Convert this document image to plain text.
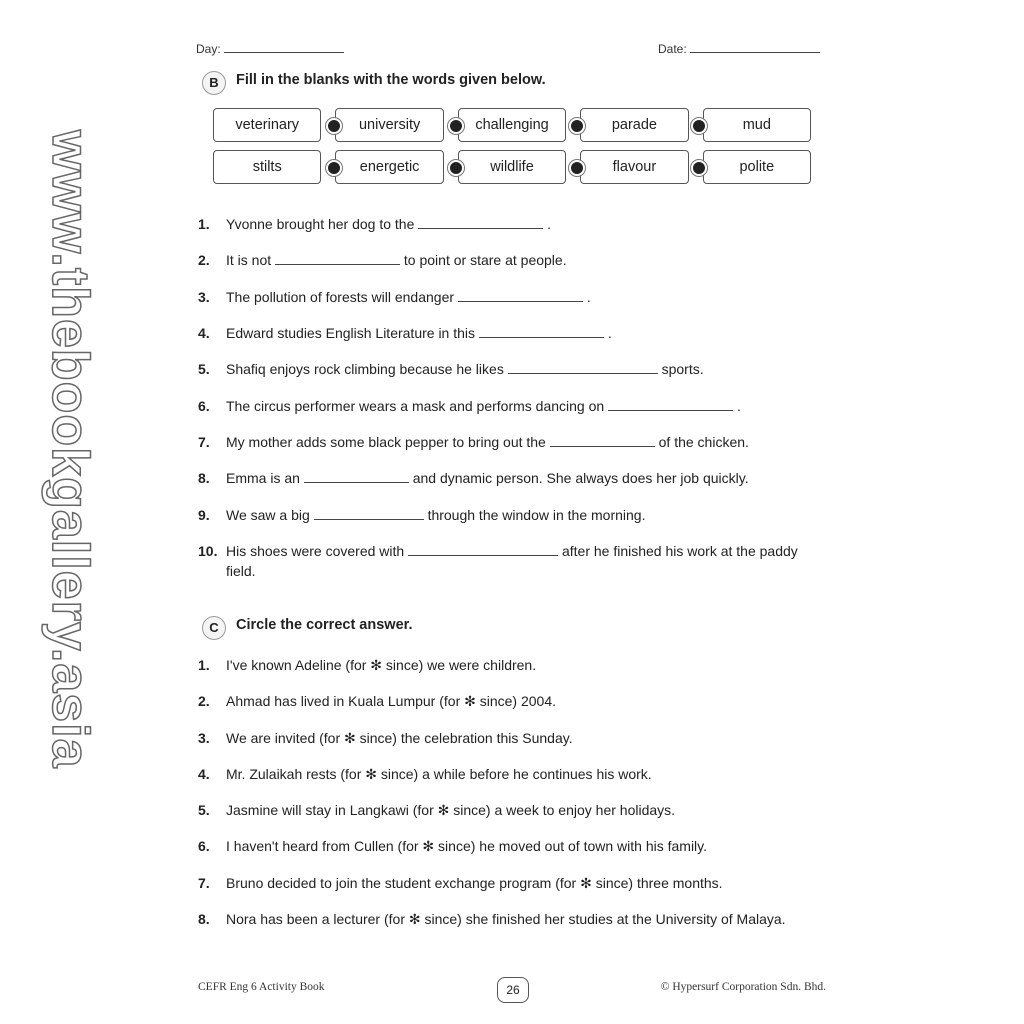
Day:	Date:
B	Fill in the blanks with the words given below.
veterinary	university	challenging	parade	mud
stilts	energetic	wildlife	flavour	polite
1. Yvonne brought her dog to the	.
2. It is not	to point or stare at people.
3. The pollution of forests will endanger	.
4. Edward studies English Literature in this	.
5. Shafiq enjoys rock climbing because he likes	sports.
6. The circus performer wears a mask and performs dancing on	.
7. My mother adds some black pepper to bring out the	of the chicken.
8. Emma is an	and dynamic person. She always does her job quickly.
9. We saw a big	through the window in the morning.
10. His shoes were covered with	after he finished his work at the paddy field.
www.thebookgallery.asia	C	Circle the correct answer.
1. I've known Adeline (for ✻ since) we were children.
2. Ahmad has lived in Kuala Lumpur (for ✻ since) 2004.
3. We are invited (for ✻ since) the celebration this Sunday.
4. Mr. Zulaikah rests (for ✻ since) a while before he continues his work.
5. Jasmine will stay in Langkawi (for ✻ since) a week to enjoy her holidays.
6. I haven't heard from Cullen (for ✻ since) he moved out of town with his family.
7. Bruno decided to join the student exchange program (for ✻ since) three months.
8. Nora has been a lecturer (for ✻ since) she finished her studies at the University of Malaya.
CEFR Eng 6 Activity Book	26	© Hypersurf Corporation Sdn. Bhd.
